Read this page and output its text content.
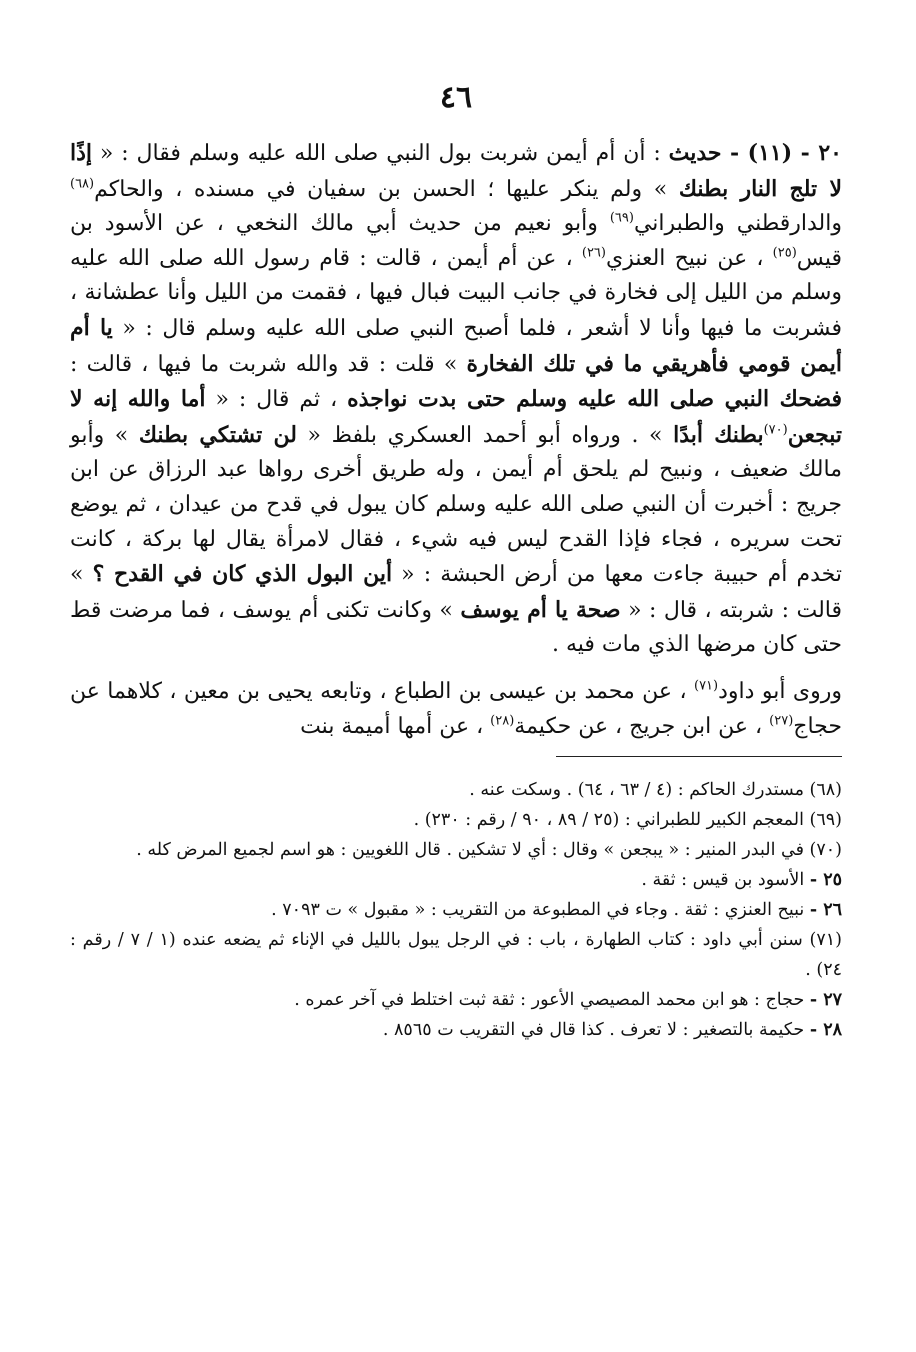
٤٦

٢٠ - (١١) - حديث : أن أم أيمن شربت بول النبي صلى الله عليه وسلم فقال : « إذًا لا تلج النار بطنك » ولم ينكر عليها ؛ الحسن بن سفيان في مسنده ، والحاكم$^{(٦٨)}$ والدارقطني والطبراني$^{(٦٩)}$ وأبو نعيم من حديث أبي مالك النخعي ، عن الأسود بن قيس$^{(٢٥)}$ ، عن نبيح العنزي$^{(٢٦)}$ ، عن أم أيمن ، قالت : قام رسول الله صلى الله عليه وسلم من الليل إلى فخارة في جانب البيت فبال فيها ، فقمت من الليل وأنا عطشانة ، فشربت ما فيها وأنا لا أشعر ، فلما أصبح النبي صلى الله عليه وسلم قال : « يا أم أيمن قومي فأهريقي ما في تلك الفخارة » قلت : قد والله شربت ما فيها ، قالت : فضحك النبي صلى الله عليه وسلم حتى بدت نواجذه ، ثم قال : « أما والله إنه لا تبجعن$^{(٧٠)}$بطنك أبدًا » . ورواه أبو أحمد العسكري بلفظ « لن تشتكي بطنك » وأبو مالك ضعيف ، ونبيح لم يلحق أم أيمن ، وله طريق أخرى رواها عبد الرزاق عن ابن جريج : أخبرت أن النبي صلى الله عليه وسلم كان يبول في قدح من عيدان ، ثم يوضع تحت سريره ، فجاء فإذا القدح ليس فيه شيء ، فقال لامرأة يقال لها بركة ، كانت تخدم أم حبيبة جاءت معها من أرض الحبشة : « أين البول الذي كان في القدح ؟ » قالت : شربته ، قال : « صحة يا أم يوسف » وكانت تكنى أم يوسف ، فما مرضت قط حتى كان مرضها الذي مات فيه .

وروى أبو داود$^{(٧١)}$ ، عن محمد بن عيسى بن الطباع ، وتابعه يحيى بن معين ، كلاهما عن حجاج$^{(٢٧)}$ ، عن ابن جريج ، عن حكيمة$^{(٢٨)}$ ، عن أمها أميمة بنت

(٦٨) مستدرك الحاكم : (٤ / ٦٣ ، ٦٤) . وسكت عنه .

(٦٩) المعجم الكبير للطبراني : (٢٥ / ٨٩ ، ٩٠ / رقم : ٢٣٠) .

(٧٠) في البدر المنير : « يبجعن » وقال : أي لا تشكين . قال اللغويين : هو اسم لجميع المرض كله .

٢٥ - الأسود بن قيس : ثقة .

٢٦ - نبيح العنزي : ثقة . وجاء في المطبوعة من التقريب : « مقبول » ت ٧٠٩٣ .

(٧١) سنن أبي داود : كتاب الطهارة ، باب : في الرجل يبول بالليل في الإناء ثم يضعه عنده (١ / ٧ / رقم : ٢٤) .

٢٧ - حجاج : هو ابن محمد المصيصي الأعور : ثقة ثبت اختلط في آخر عمره .

٢٨ - حكيمة بالتصغير : لا تعرف . كذا قال في التقريب ت ٨٥٦٥ .
